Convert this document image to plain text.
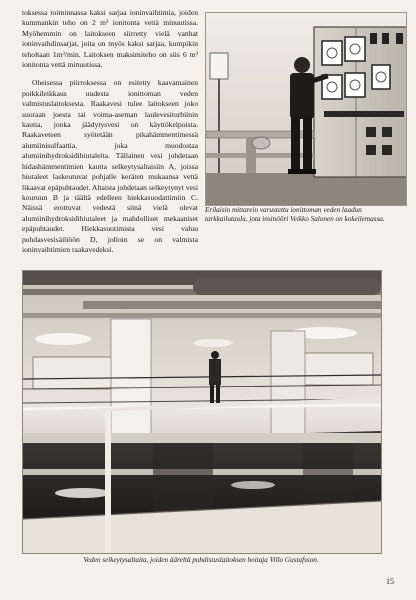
toksessa toiminnassa kaksi sarjaa ioninvaihtimia, joiden kummankin teho on 2 m³ ionitonta vettä minuutissa. Myöhemmin on laitokseen siirretty vielä vanhat ioninvaihdinsarjat, joita on myös kaksi sarjaa, kumpikin teholtaan 1m³/min. Laitoksen maksimiteho on siis 6 m³ ionitonta vettä minuutissa.

Oheisessa piirroksessa on esitetty kaavamainen poikkileikkaus uudesta ionittoman veden valmistuslaitoksesta. Raakavesi tulee laitokseen joko suoraan joesta tai voima-aseman laulevesiturbiinin kautta, jonka jäädytysvesi on käyttökelpoista. Raakaveteen syötetään pikahämmentimessä alumiinisulfaattia, joka muodostaa alumiinihydroksidihiutaleita. Tällainen vesi johdetaan hidashämmentimien kautta selkeytysaltaisiin A, joissa hiutaleet laskeutuvat pohjalle keräten mukaansa vettä likaavat epäpuhtaudet. Altaista johdetaan selkeytynyt vesi kouruun B ja täältä edelleen hiekkasuodattimiin C. Näissä erottuvat vedestä siinä vielä olevat alumiinihydroksidihiutaleet ja mahdolliset mekaaniset epäpuhtaudet. Hiekkasuotimista vesi valuu puhdasvesisäiliöön D, jolloin se on valmista ioninvaihtimien raakavedeksi.

Erilaisin mittarein varustettu ionittoman veden laadun tarkkailutaulu, jota insinööri Veikko Salonen on kokeilemassa.
Veden selkeytysaltaita, joiden ääreltä puhdistuslaitoksen hoitaja Villo Gustafsson.
15
